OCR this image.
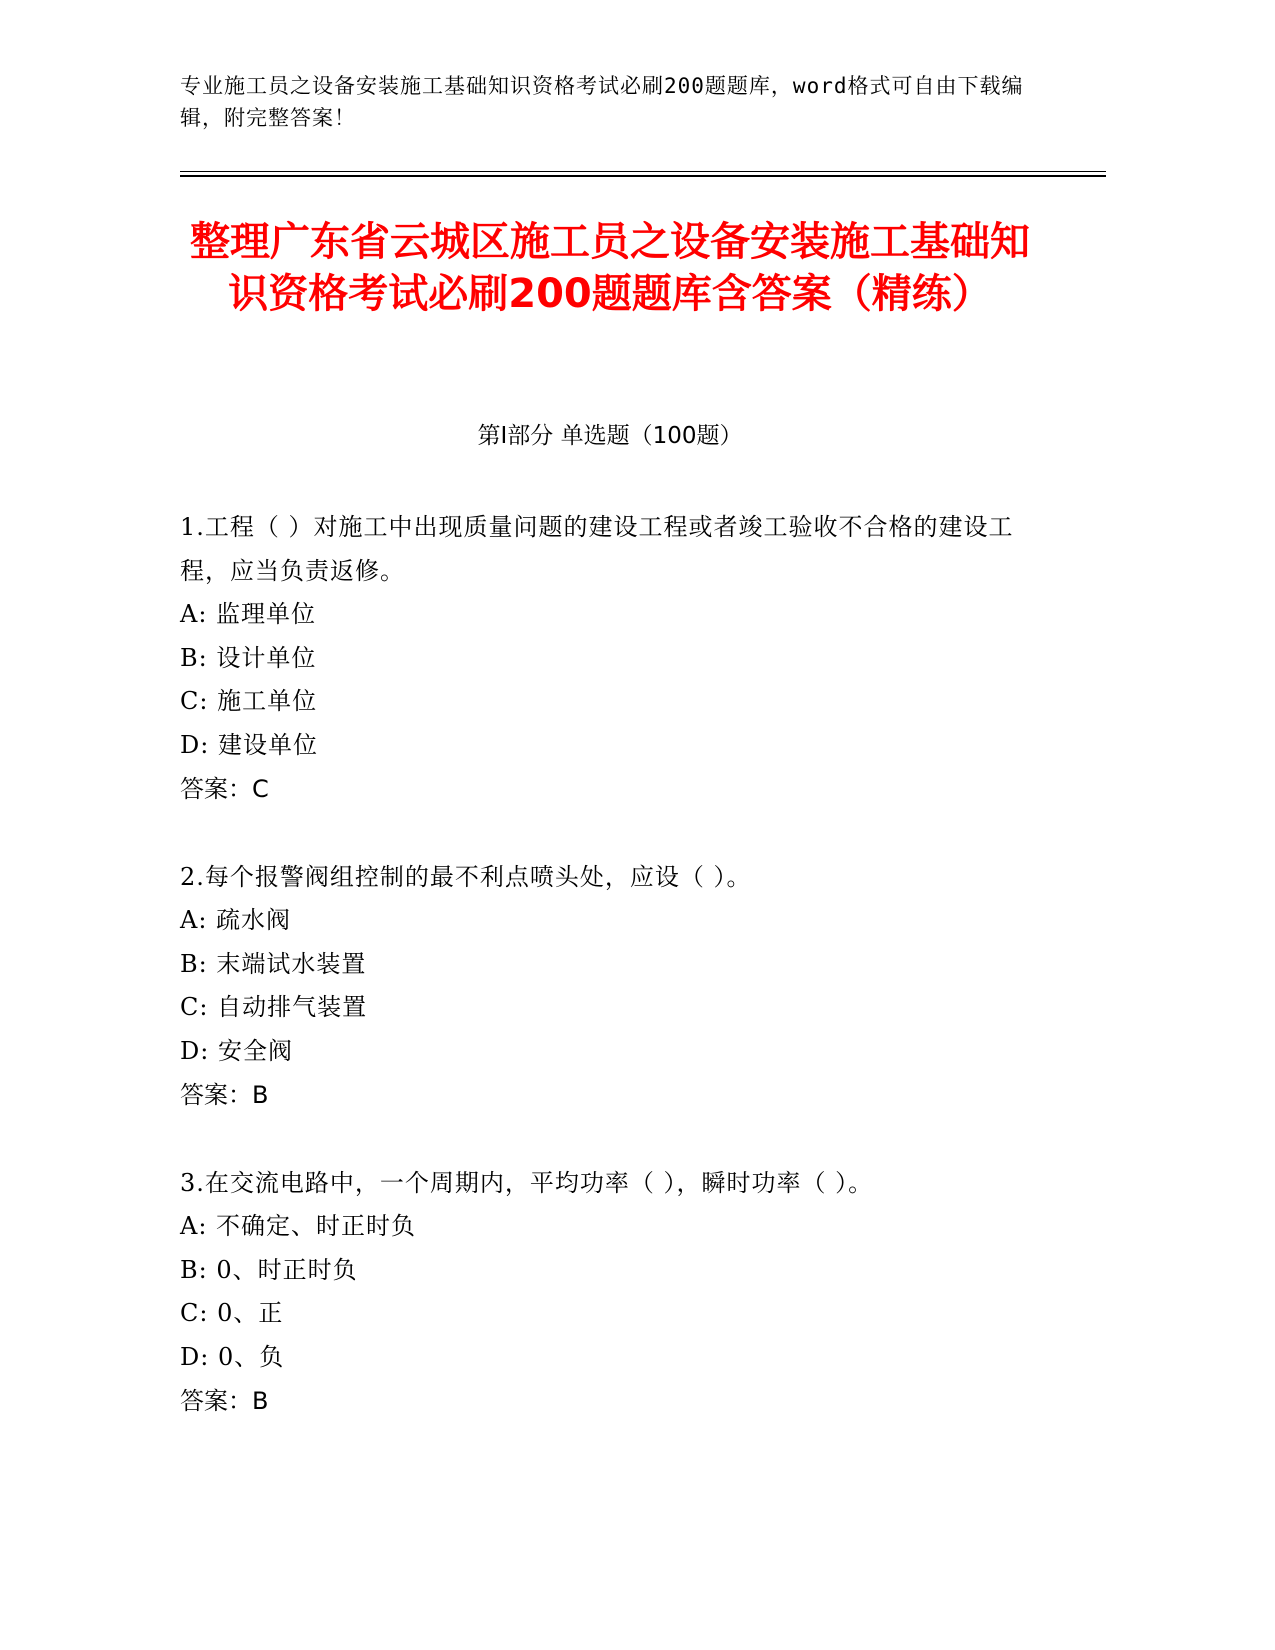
专业施工员之设备安装施工基础知识资格考试必刷200题题库，word格式可自由下载编辑，附完整答案！
整理广东省云城区施工员之设备安装施工基础知识资格考试必刷200题题库含答案（精练）
第Ⅰ部分 单选题（100题）
1.工程（ ）对施工中出现质量问题的建设工程或者竣工验收不合格的建设工程，应当负责返修。
A: 监理单位
B: 设计单位
C: 施工单位
D: 建设单位
答案：C
2.每个报警阀组控制的最不利点喷头处，应设（ ）。
A: 疏水阀
B: 末端试水装置
C: 自动排气装置
D: 安全阀
答案：B
3.在交流电路中，一个周期内，平均功率（ ），瞬时功率（ ）。
A: 不确定、时正时负
B: 0、时正时负
C: 0、正
D: 0、负
答案：B
